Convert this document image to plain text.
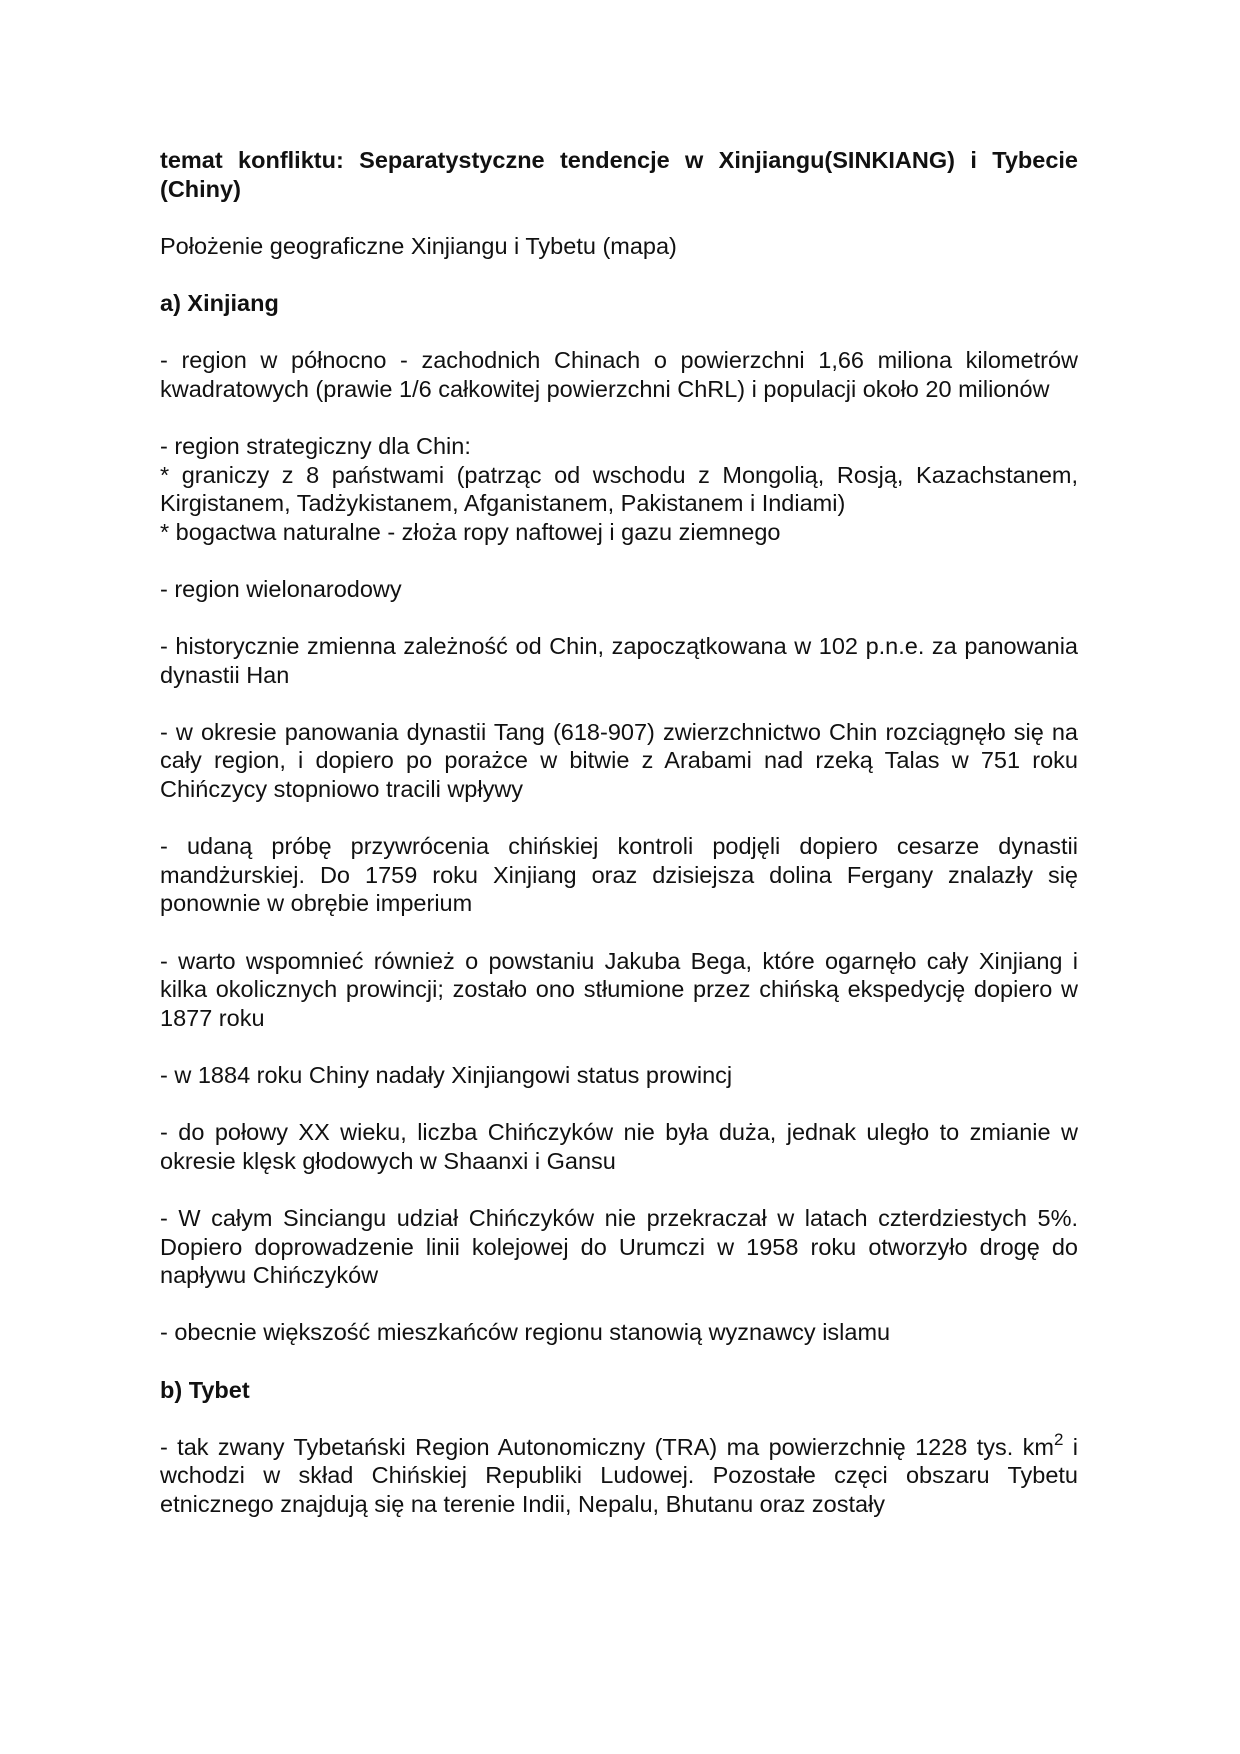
temat konfliktu: Separatystyczne tendencje w Xinjiangu(SINKIANG) i Tybecie
(Chiny)

Położenie geograficzne Xinjiangu i Tybetu (mapa)

a) Xinjiang

- region w północno - zachodnich Chinach o powierzchni 1,66 miliona kilometrów kwadratowych (prawie 1/6 całkowitej powierzchni ChRL) i populacji około 20 milionów

- region strategiczny dla Chin:
* graniczy z 8 państwami (patrząc od wschodu z Mongolią, Rosją, Kazachstanem, Kirgistanem, Tadżykistanem, Afganistanem, Pakistanem i Indiami)
* bogactwa naturalne - złoża ropy naftowej i gazu ziemnego

- region wielonarodowy

- historycznie zmienna zależność od Chin, zapoczątkowana w 102 p.n.e. za panowania dynastii Han

- w okresie panowania dynastii Tang (618-907) zwierzchnictwo Chin rozciągnęło się na cały region, i dopiero po porażce w bitwie z Arabami nad rzeką Talas w 751 roku Chińczycy stopniowo tracili wpływy

- udaną próbę przywrócenia chińskiej kontroli podjęli dopiero cesarze dynastii mandżurskiej. Do 1759 roku Xinjiang oraz dzisiejsza dolina Fergany znalazły się ponownie w obrębie imperium

- warto wspomnieć również o powstaniu Jakuba Bega, które ogarnęło cały Xinjiang i kilka okolicznych prowincji; zostało ono stłumione przez chińską ekspedycję dopiero w 1877 roku

- w 1884 roku Chiny nadały Xinjiangowi status prowincj

- do połowy XX wieku, liczba Chińczyków nie była duża, jednak uległo to zmianie w okresie klęsk głodowych w Shaanxi i Gansu

- W całym Sinciangu udział Chińczyków nie przekraczał w latach czterdziestych 5%. Dopiero doprowadzenie linii kolejowej do Urumczi w 1958 roku otworzyło drogę do napływu Chińczyków

- obecnie większość mieszkańców regionu stanowią wyznawcy islamu

b) Tybet

- tak zwany Tybetański Region Autonomiczny (TRA) ma powierzchnię 1228 tys. $km^2$ i wchodzi w skład Chińskiej Republiki Ludowej. Pozostałe częci obszaru Tybetu etnicznego znajdują się na terenie Indii, Nepalu, Bhutanu oraz zostały
